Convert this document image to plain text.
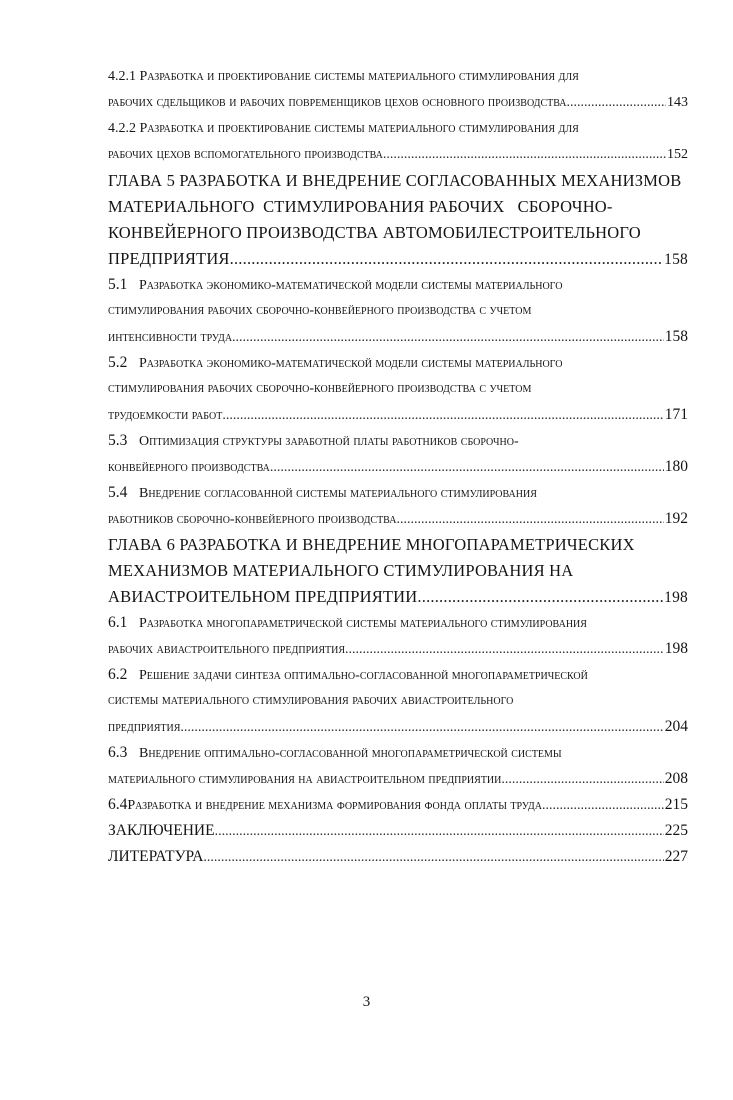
4.2.1 Разработка и проектирование системы материального стимулирования для
рабочих сдельщиков и рабочих повременщиков цехов основного производства .....	143
4.2.2 Разработка и проектирование системы материального стимулирования для
рабочих цехов вспомогательного производства .....	152
ГЛАВА 5 РАЗРАБОТКА И ВНЕДРЕНИЕ СОГЛАСОВАННЫХ МЕХАНИЗМОВ
МАТЕРИАЛЬНОГО  СТИМУЛИРОВАНИЯ РАБОЧИХ   СБОРОЧНО-
КОНВЕЙЕРНОГО ПРОИЗВОДСТВА АВТОМОБИЛЕСТРОИТЕЛЬНОГО
ПРЕДПРИЯТИЯ .....	158
5.1 Разработка экономико-математической модели системы материального
стимулирования рабочих сборочно-конвейерного производства с учетом
интенсивности труда .....	158
5.2 Разработка экономико-математической модели системы материального
стимулирования рабочих сборочно-конвейерного производства с учетом
трудоемкости работ .....	171
5.3 Оптимизация структуры заработной платы работников сборочно-
конвейерного производства .....	180
5.4 Внедрение согласованной системы материального стимулирования
работников сборочно-конвейерного производства .....	192
ГЛАВА 6 РАЗРАБОТКА И ВНЕДРЕНИЕ МНОГОПАРАМЕТРИЧЕСКИХ
МЕХАНИЗМОВ МАТЕРИАЛЬНОГО СТИМУЛИРОВАНИЯ НА
АВИАСТРОИТЕЛЬНОМ ПРЕДПРИЯТИИ .....	198
6.1 Разработка многопараметрической системы материального стимулирования
рабочих авиастроительного предприятия .....	198
6.2 Решение задачи синтеза оптимально-согласованной многопараметрической
системы материального стимулирования рабочих авиастроительного
предприятия .....	204
6.3 Внедрение оптимально-согласованной многопараметрической системы
материального стимулирования на авиастроительном предприятии .....	208
6.4 Разработка и внедрение механизма формирования фонда оплаты труда .....	215
ЗАКЛЮЧЕНИЕ .....	225
ЛИТЕРАТУРА .....	227
3
